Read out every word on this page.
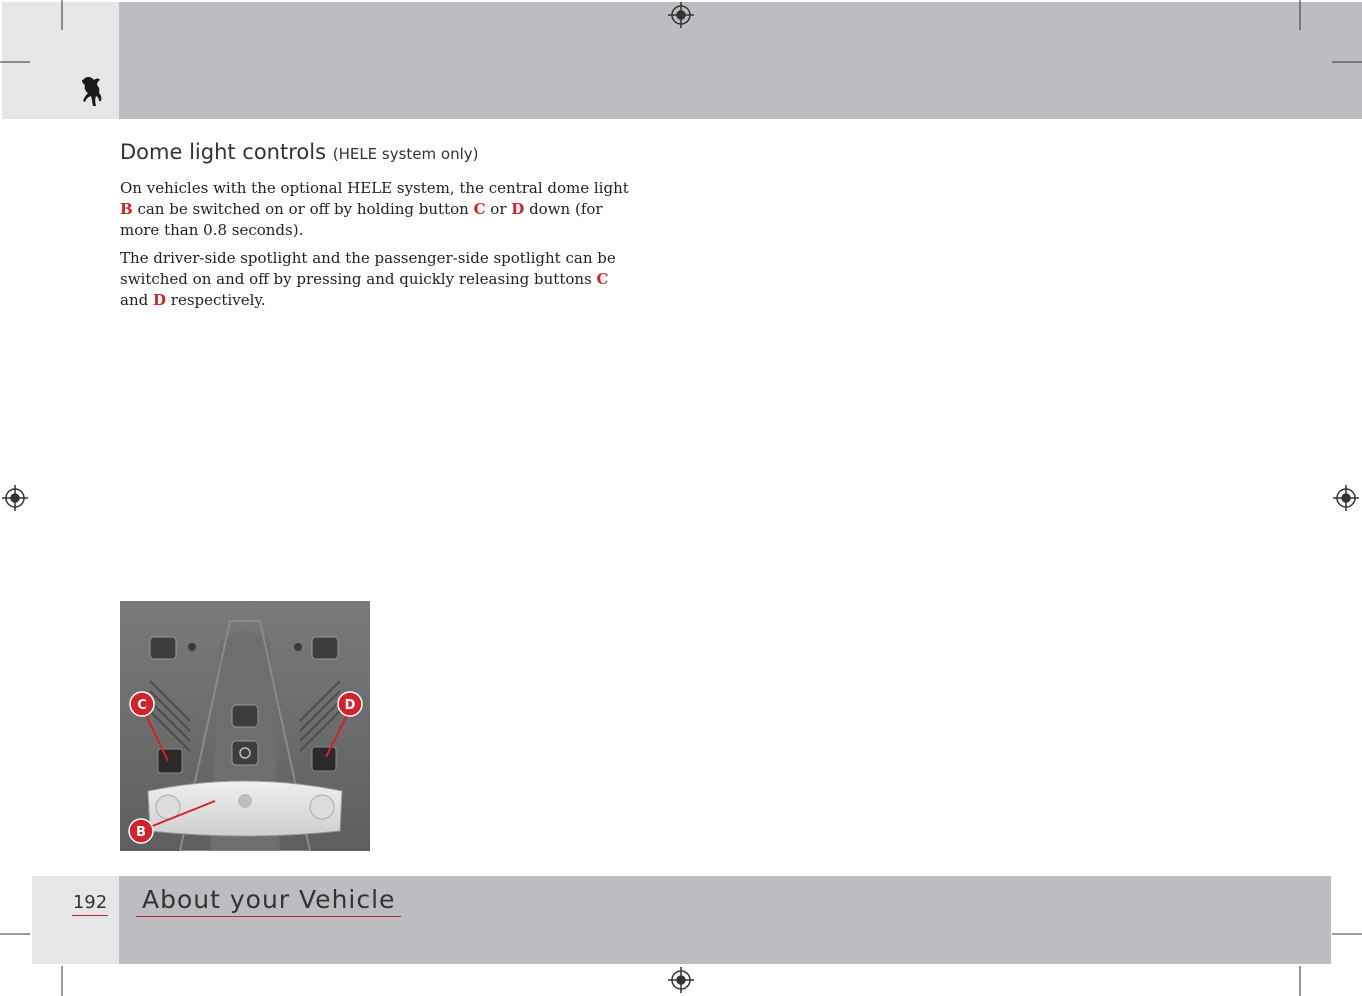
Dome light controls (HELE system only)

On vehicles with the optional HELE system, the central dome light B can be switched on or off by holding button C or D down (for more than 0.8 seconds).

The driver-side spotlight and the passenger-side spotlight can be switched on and off by pressing and quickly releasing buttons C and D respectively.

C	D
B
192 About your Vehicle
